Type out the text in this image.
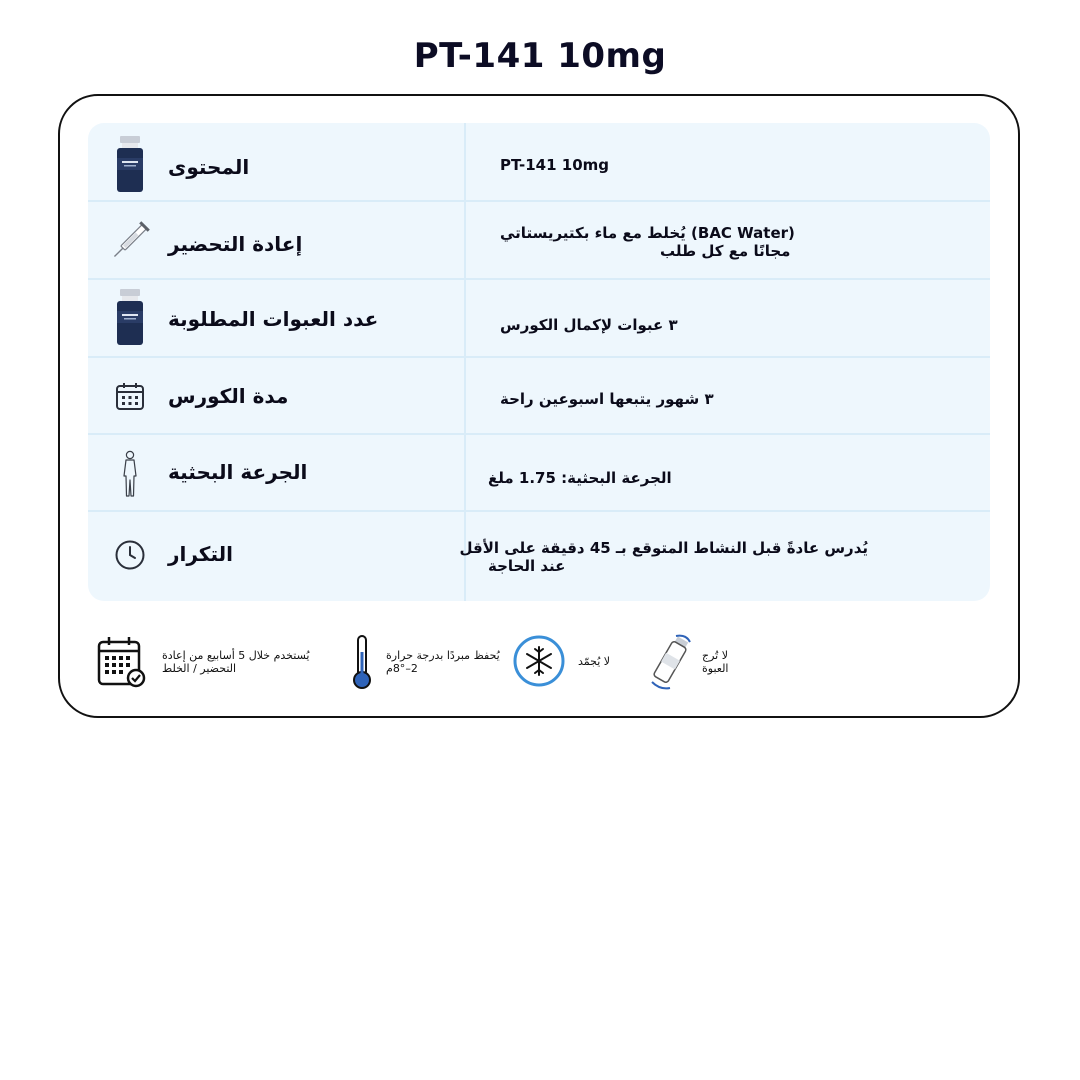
PT-141 10mg
المحتوى	PT-141 10mg
إعادة التحضير	(BAC Water) يُخلط مع ماء بكتيريستاتي
مجانًا مع كل طلب
عدد العبوات المطلوبة	٣ عبوات لإكمال الكورس
مدة الكورس	٣ شهور يتبعها اسبوعين راحة
الجرعة البحثية	الجرعة البحثية: 1.75 ملغ
التكرار	يُدرس عادةً قبل النشاط المتوقع بـ 45 دقيقة على الأقل
عند الحاجة
يُستخدم خلال 5 أسابيع من إعادة
التحضير / الخلط
يُحفظ مبردًا بدرجة حرارة
2–8°م
لا يُجمّد	لا تُرج
العبوة
